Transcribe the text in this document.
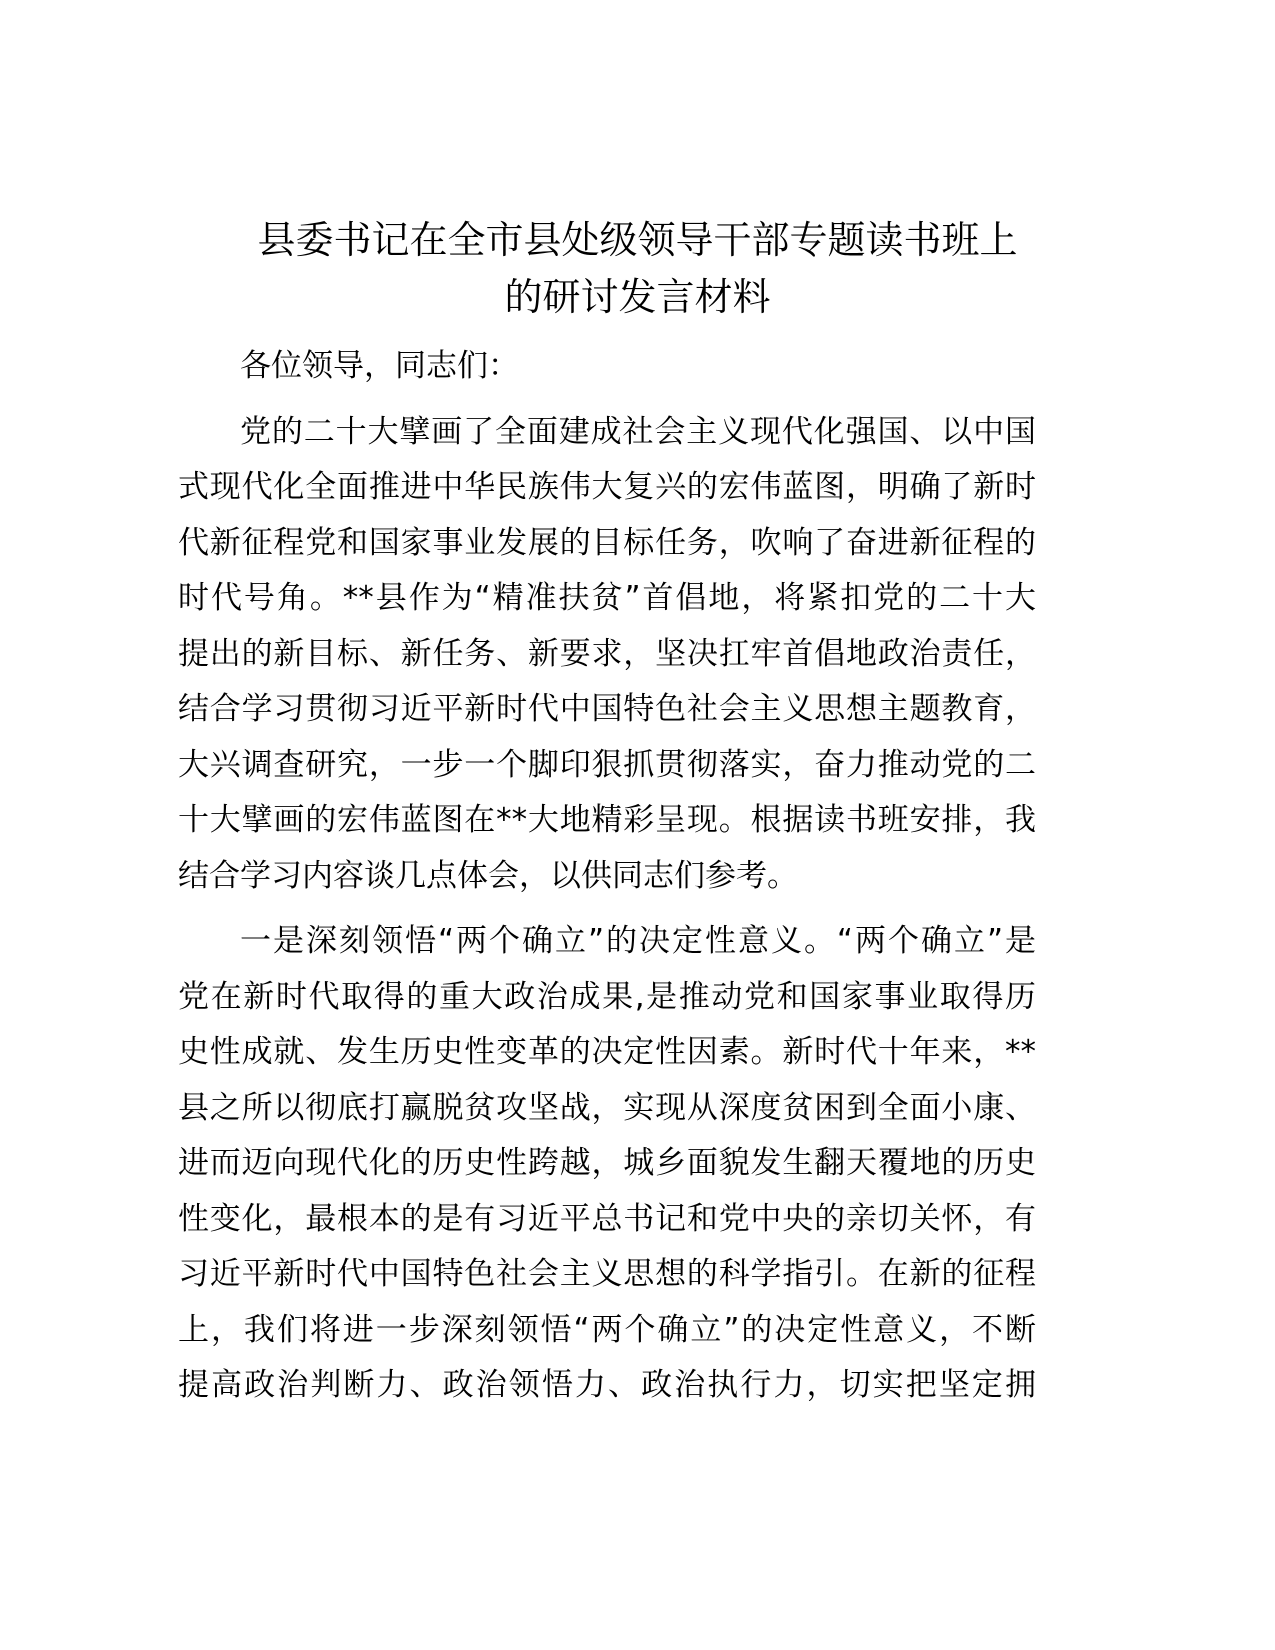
县委书记在全市县处级领导干部专题读书班上
的研讨发言材料
各位领导，同志们：
党的二十大擘画了全面建成社会主义现代化强国、以中国
式现代化全面推进中华民族伟大复兴的宏伟蓝图，明确了新时
代新征程党和国家事业发展的目标任务，吹响了奋进新征程的
时代号角。**县作为“精准扶贫”首倡地，将紧扣党的二十大
提出的新目标、新任务、新要求，坚决扛牢首倡地政治责任，
结合学习贯彻习近平新时代中国特色社会主义思想主题教育，
大兴调查研究，一步一个脚印狠抓贯彻落实，奋力推动党的二
十大擘画的宏伟蓝图在**大地精彩呈现。根据读书班安排，我
结合学习内容谈几点体会，以供同志们参考。
一是深刻领悟“两个确立”的决定性意义。“两个确立”是
党在新时代取得的重大政治成果,是推动党和国家事业取得历
史性成就、发生历史性变革的决定性因素。新时代十年来，**
县之所以彻底打赢脱贫攻坚战，实现从深度贫困到全面小康、
进而迈向现代化的历史性跨越，城乡面貌发生翻天覆地的历史
性变化，最根本的是有习近平总书记和党中央的亲切关怀，有
习近平新时代中国特色社会主义思想的科学指引。在新的征程
上，我们将进一步深刻领悟“两个确立”的决定性意义，不断
提高政治判断力、政治领悟力、政治执行力，切实把坚定拥
